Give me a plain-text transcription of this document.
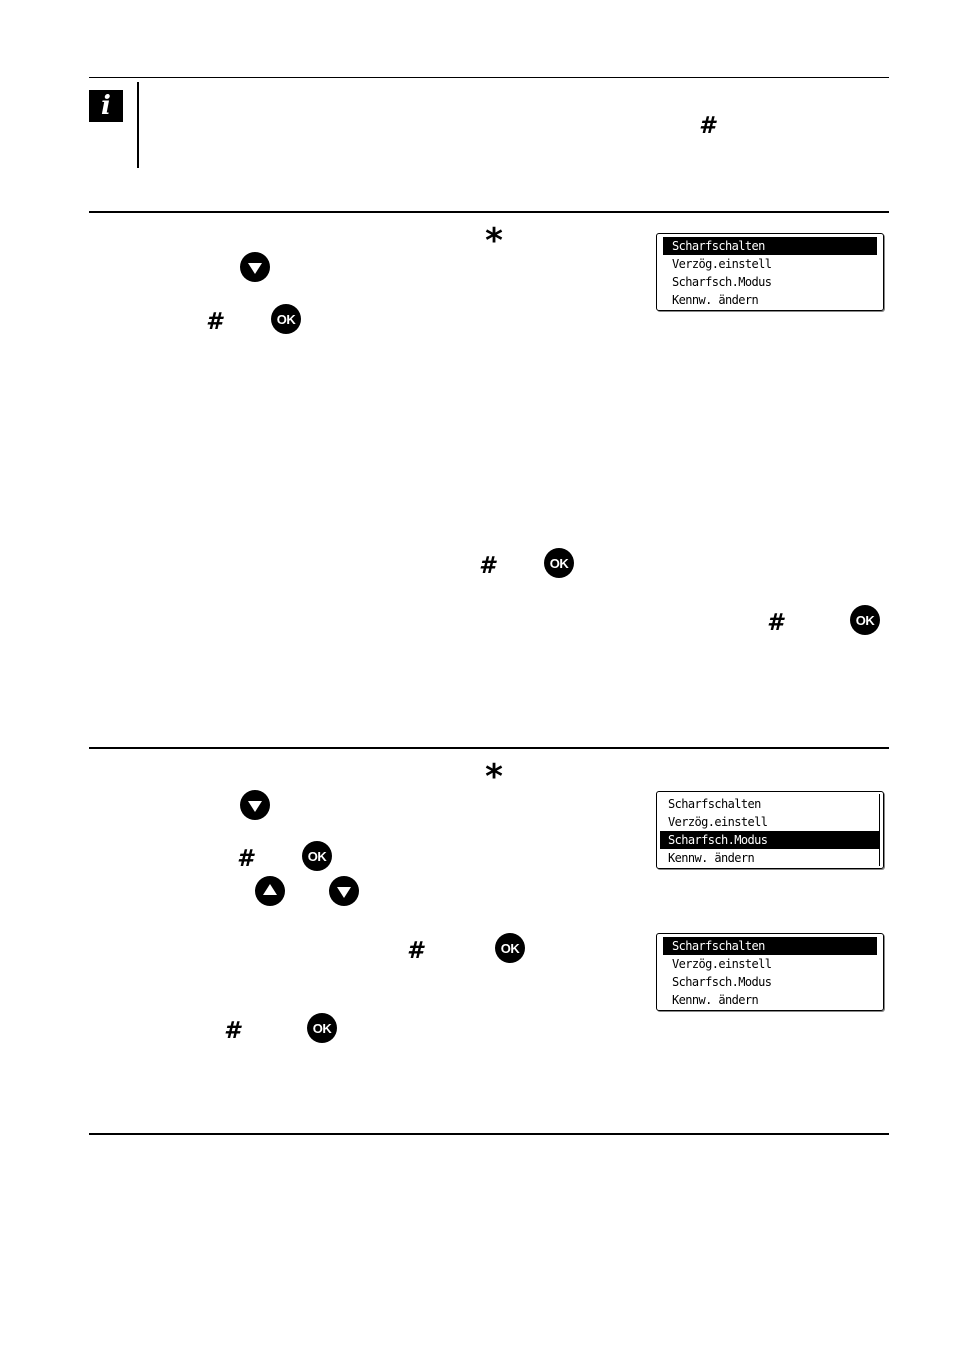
i
#
*
#	OK
Scharfschalten
Verzög.einstell
Scharfsch.Modus
Kennw. ändern
#	OK
#	OK
*
#	OK
Scharfschalten
Verzög.einstell
Scharfsch.Modus
Kennw. ändern
#	OK	Scharfschalten
Verzög.einstell
Scharfsch.Modus
Kennw. ändern
#	OK
